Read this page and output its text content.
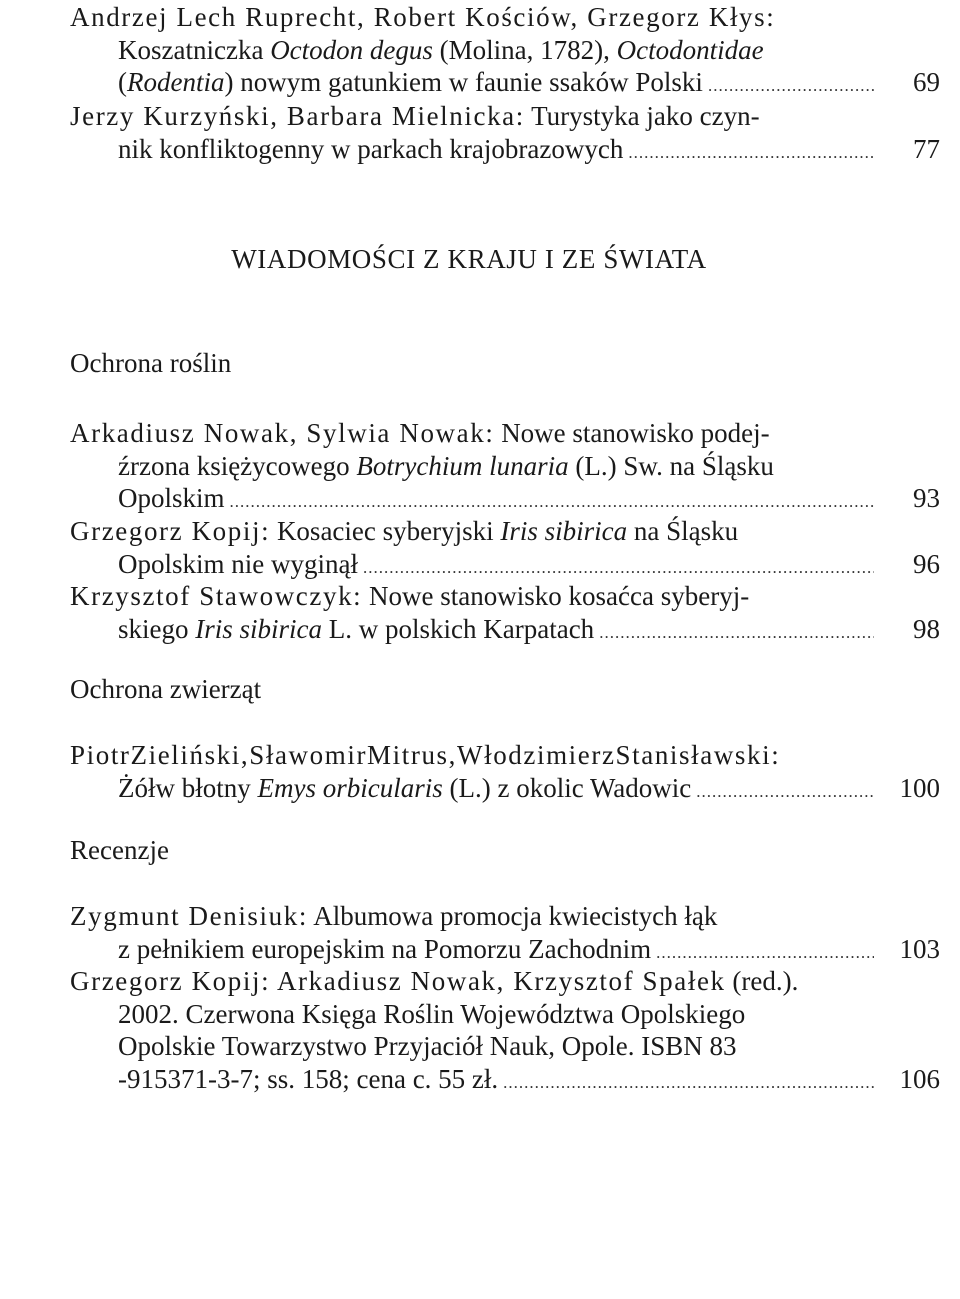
Andrzej Lech Ruprecht, Robert Kościów, Grzegorz Kłys:
Koszatniczka Octodon degus (Molina, 1782), Octodontidae
(Rodentia) nowym gatunkiem w faunie ssaków Polski .....	69
Jerzy Kurzyński, Barbara Mielnicka: Turystyka jako czyn-
nik konfliktogenny w parkach krajobrazowych .....	77
WIADOMOŚCI Z KRAJU I ZE ŚWIATA
Ochrona roślin
Arkadiusz Nowak, Sylwia Nowak: Nowe stanowisko podej-
źrzona księżycowego Botrychium lunaria (L.) Sw. na Śląsku
Opolskim .....	93
Grzegorz Kopij: Kosaciec syberyjski Iris sibirica na Śląsku
Opolskim nie wyginął .....	96
Krzysztof Stawowczyk: Nowe stanowisko kosaćca syberyj-
skiego Iris sibirica L. w polskich Karpatach .....	98
Ochrona zwierząt
PiotrZieliński,SławomirMitrus,WłodzimierzStanisławski:
Żółw błotny Emys orbicularis (L.) z okolic Wadowic .....	100
Recenzje
Zygmunt Denisiuk: Albumowa promocja kwiecistych łąk
z pełnikiem europejskim na Pomorzu Zachodnim .....	103
Grzegorz Kopij: Arkadiusz Nowak, Krzysztof Spałek (red.).
2002. Czerwona Księga Roślin Województwa Opolskiego
Opolskie Towarzystwo Przyjaciół Nauk, Opole. ISBN 83
-915371-3-7; ss. 158; cena c. 55 zł. .....	106
